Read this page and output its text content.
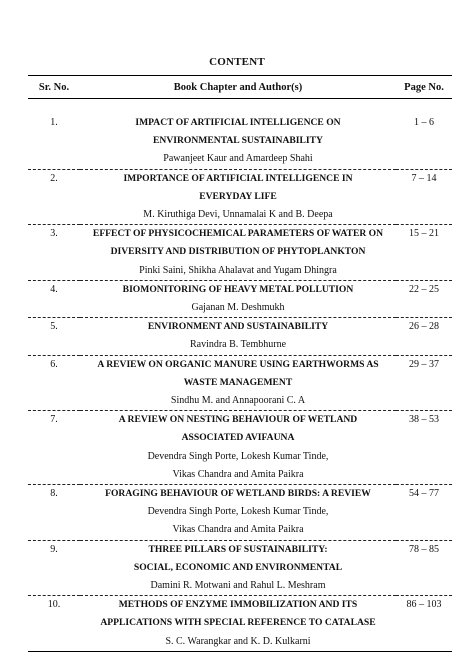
CONTENT
Sr. No.	Book Chapter and Author(s)	Page No.

1.	IMPACT OF ARTIFICIAL INTELLIGENCE ON
ENVIRONMENTAL SUSTAINABILITY
Pawanjeet Kaur and Amardeep Shahi	1 – 6

2.	IMPORTANCE OF ARTIFICIAL INTELLIGENCE IN
EVERYDAY LIFE
M. Kiruthiga Devi, Unnamalai K and B. Deepa	7 – 14

3.	EFFECT OF PHYSICOCHEMICAL PARAMETERS OF WATER ON
DIVERSITY AND DISTRIBUTION OF PHYTOPLANKTON
Pinki Saini, Shikha Ahalavat and Yugam Dhingra	15 – 21

4.	BIOMONITORING OF HEAVY METAL POLLUTION
Gajanan M. Deshmukh	22 – 25

5.	ENVIRONMENT AND SUSTAINABILITY
Ravindra B. Tembhurne	26 – 28

6.	A REVIEW ON ORGANIC MANURE USING EARTHWORMS AS
WASTE MANAGEMENT
Sindhu M. and Annapoorani C. A	29 – 37

7.	A REVIEW ON NESTING BEHAVIOUR OF WETLAND
ASSOCIATED AVIFAUNA
Devendra Singh Porte, Lokesh Kumar Tinde,
Vikas Chandra and Amita Paikra	38 – 53

8.	FORAGING BEHAVIOUR OF WETLAND BIRDS: A REVIEW
Devendra Singh Porte, Lokesh Kumar Tinde,
Vikas Chandra and Amita Paikra	54 – 77

9.	THREE PILLARS OF SUSTAINABILITY:
SOCIAL, ECONOMIC AND ENVIRONMENTAL
Damini R. Motwani and Rahul L. Meshram	78 – 85

10.	METHODS OF ENZYME IMMOBILIZATION AND ITS
APPLICATIONS WITH SPECIAL REFERENCE TO CATALASE
S. C. Warangkar and K. D. Kulkarni	86 – 103
